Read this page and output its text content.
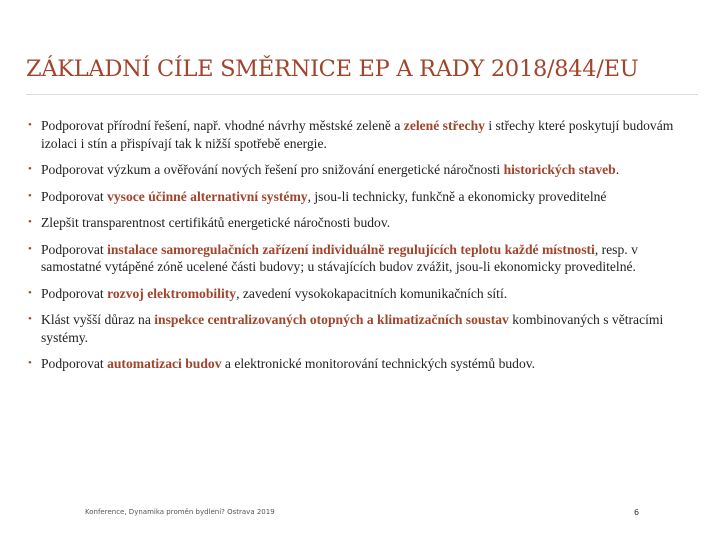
ZÁKLADNÍ CÍLE SMĚRNICE EP A RADY 2018/844/EU
• Podporovat přírodní řešení, např. vhodné návrhy městské zeleně a zelené střechy i střechy které poskytují budovám izolaci i stín a přispívají tak k nižší spotřebě energie.
• Podporovat výzkum a ověřování nových řešení pro snižování energetické náročnosti historických staveb.
• Podporovat vysoce účinné alternativní systémy, jsou-li technicky, funkčně a ekonomicky proveditelné
• Zlepšit transparentnost certifikátů energetické náročnosti budov.
• Podporovat instalace samoregulačních zařízení individuálně regulujících teplotu každé místnosti, resp. v samostatné vytápěné zóně ucelené části budovy; u stávajících budov zvážit, jsou-li ekonomicky proveditelné.
• Podporovat rozvoj elektromobility, zavedení vysokokapacitních komunikačních sítí.
• Klást vyšší důraz na inspekce centralizovaných otopných a klimatizačních soustav kombinovaných s větracími systémy.
• Podporovat automatizaci budov a elektronické monitorování technických systémů budov.
Konference, Dynamika proměn bydlení? Ostrava 2019	6
